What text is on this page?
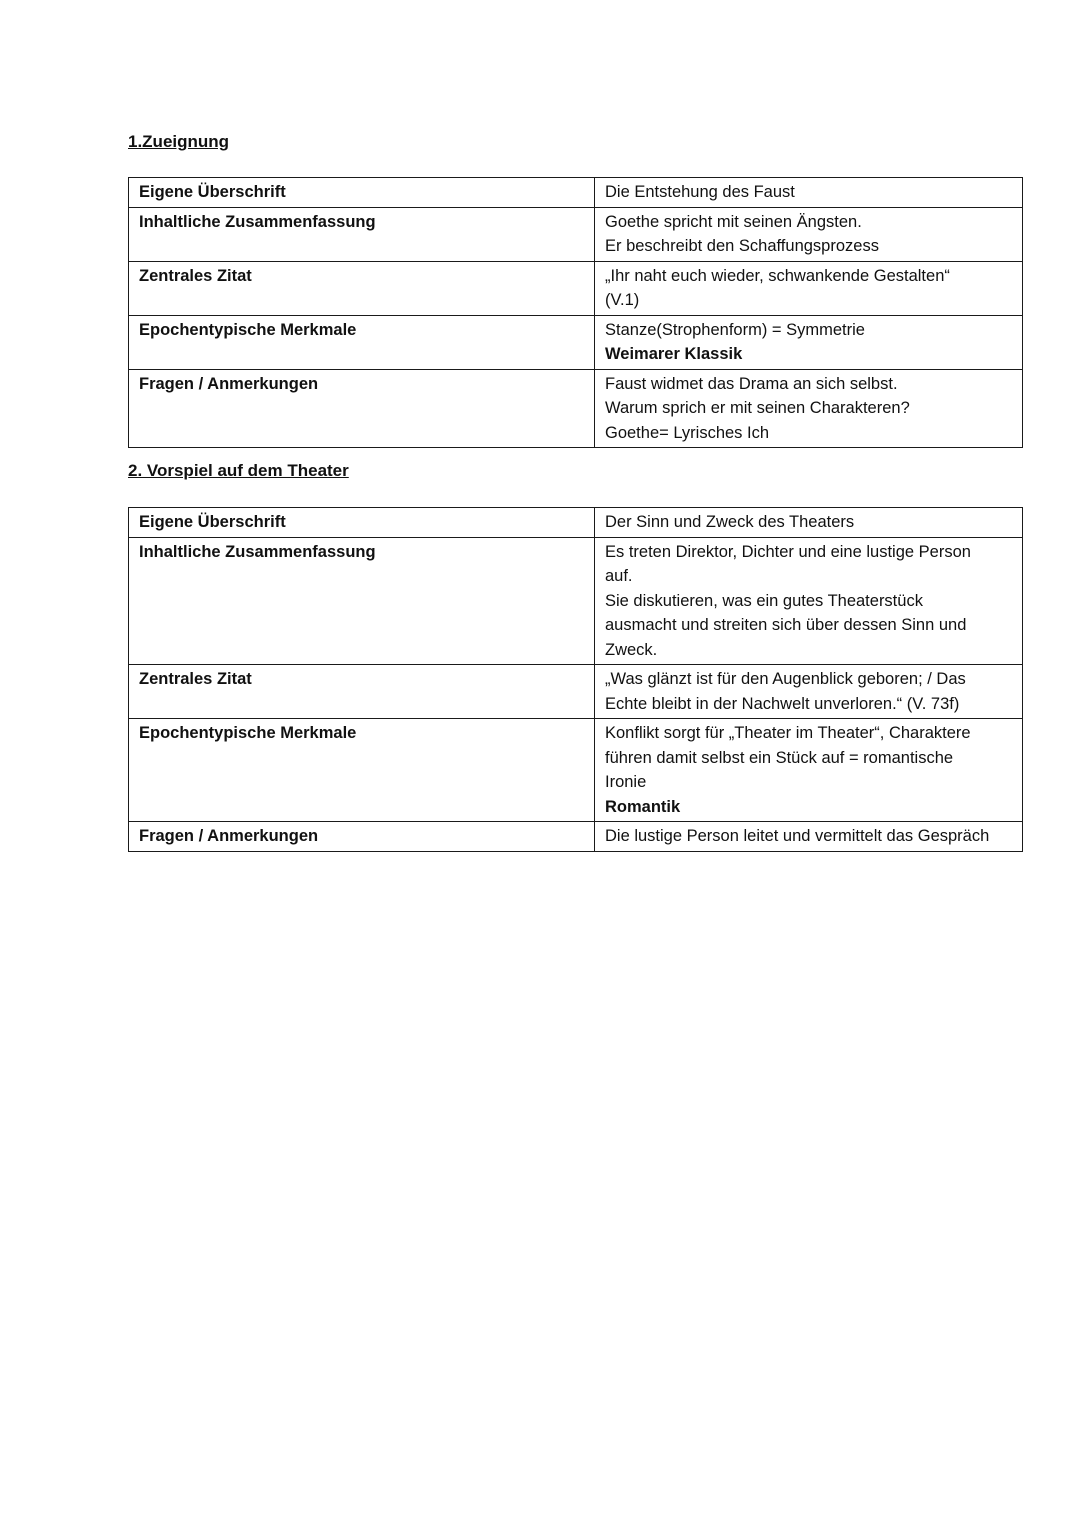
1.Zueignung

Eigene Überschrift	Die Entstehung des Faust

Inhaltliche Zusammenfassung	Goethe spricht mit seinen Ängsten.
Er beschreibt den Schaffungsprozess

Zentrales Zitat	„Ihr naht euch wieder, schwankende Gestalten“
(V.1)

Epochentypische Merkmale	Stanze(Strophenform) = Symmetrie
Weimarer Klassik

Fragen / Anmerkungen	Faust widmet das Drama an sich selbst.
Warum sprich er mit seinen Charakteren?
Goethe= Lyrisches Ich

2. Vorspiel auf dem Theater

Eigene Überschrift	Der Sinn und Zweck des Theaters

Inhaltliche Zusammenfassung	Es treten Direktor, Dichter und eine lustige Person
auf.
Sie diskutieren, was ein gutes Theaterstück
ausmacht und streiten sich über dessen Sinn und
Zweck.

Zentrales Zitat	„Was glänzt ist für den Augenblick geboren; / Das
Echte bleibt in der Nachwelt unverloren.“ (V. 73f)

Epochentypische Merkmale	Konflikt sorgt für „Theater im Theater“, Charaktere
führen damit selbst ein Stück auf = romantische
Ironie
Romantik

Fragen / Anmerkungen	Die lustige Person leitet und vermittelt das Gespräch
